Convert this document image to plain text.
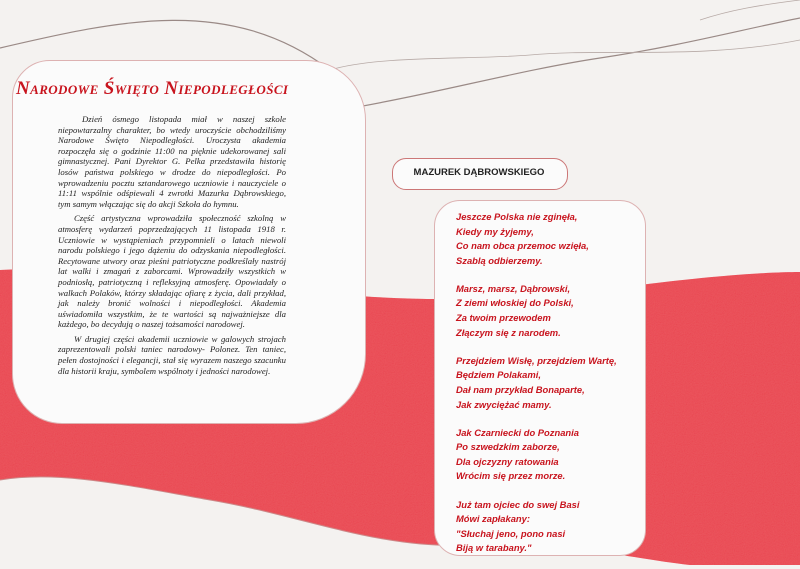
Narodowe Święto Niepodległości

Dzień ósmego listopada miał w naszej szkole niepowtarzalny charakter, bo wtedy uroczyście obchodziliśmy Narodowe Święto Niepodległości. Uroczysta akademia rozpoczęła się o godzinie 11:00 na pięknie udekorowanej sali gimnastycznej. Pani Dyrektor G. Pelka przedstawiła historię losów państwa polskiego w drodze do niepodległości. Po wprowadzeniu pocztu sztandarowego uczniowie i nauczyciele o 11:11 wspólnie odśpiewali 4 zwrotki Mazurka Dąbrowskiego, tym samym włączając się do akcji Szkoła do hymnu.

Część artystyczna wprowadziła społeczność szkolną w atmosferę wydarzeń poprzedzających 11 listopada 1918 r. Uczniowie w wystąpieniach przypomnieli o latach niewoli narodu polskiego i jego dążeniu do odzyskania niepodległości. Recytowane utwory oraz pieśni patriotyczne podkreślały nastrój lat walki i zmagań z zaborcami. Wprowadziły wszystkich w podniosłą, patriotyczną i refleksyjną atmosferę. Opowiadały o walkach Polaków, którzy składając ofiarę z życia, dali przykład, jak należy bronić wolności i niepodległości. Akademia uświadomiła wszystkim, że te wartości są najważniejsze dla każdego, bo decydują o naszej tożsamości narodowej.

W drugiej części akademii uczniowie w galowych strojach zaprezentowali polski taniec narodowy- Polonez. Ten taniec, pełen dostojności i elegancji, stał się wyrazem naszego szacunku dla historii kraju, symbolem wspólnoty i jedności narodowej.

MAZUREK DĄBROWSKIEGO
Jeszcze Polska nie zginęła,
Kiedy my żyjemy,
Co nam obca przemoc wzięła,
Szablą odbierzemy.
Marsz, marsz, Dąbrowski,
Z ziemi włoskiej do Polski,
Za twoim przewodem
Złączym się z narodem.
Przejdziem Wisłę, przejdziem Wartę,
Będziem Polakami,
Dał nam przykład Bonaparte,
Jak zwyciężać mamy.
Jak Czarniecki do Poznania
Po szwedzkim zaborze,
Dla ojczyzny ratowania
Wrócim się przez morze.
Już tam ojciec do swej Basi
Mówi zapłakany:
"Słuchaj jeno, pono nasi
Biją w tarabany."
